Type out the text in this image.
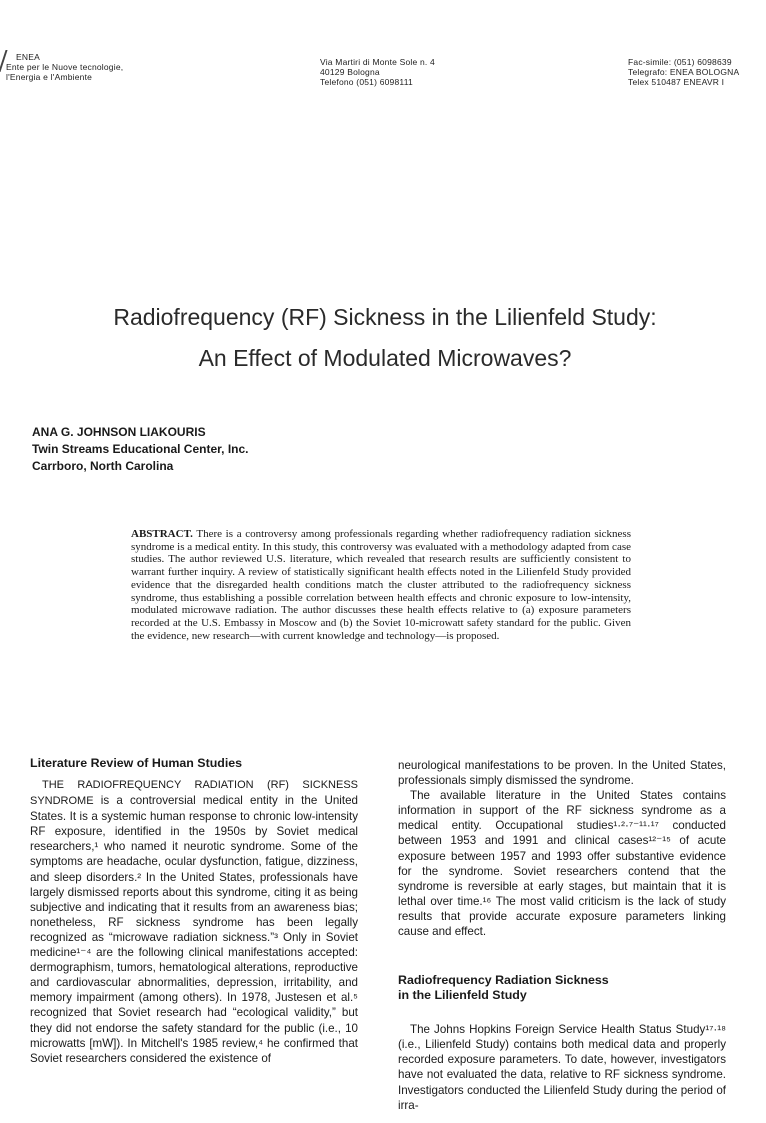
ENEA
Ente per le Nuove tecnologie,
l'Energia e l'Ambiente
Via Martiri di Monte Sole n. 4
40129 Bologna
Telefono (051) 6098111
Fac-simile: (051) 6098639
Telegrafo: ENEA BOLOGNA
Telex 510487 ENEAVR I
Radiofrequency (RF) Sickness in the Lilienfeld Study:
An Effect of Modulated Microwaves?
ANA G. JOHNSON LIAKOURIS
Twin Streams Educational Center, Inc.
Carrboro, North Carolina

ABSTRACT. There is a controversy among professionals regarding whether radiofrequency radiation sickness syndrome is a medical entity. In this study, this controversy was evaluated with a methodology adapted from case studies. The author reviewed U.S. literature, which revealed that research results are sufficiently consistent to warrant further inquiry. A review of statistically significant health effects noted in the Lilienfeld Study provided evidence that the disregarded health conditions match the cluster attributed to the radiofrequency sickness syndrome, thus establishing a possible correlation between health effects and chronic exposure to low-intensity, modulated microwave radiation. The author discusses these health effects relative to (a) exposure parameters recorded at the U.S. Embassy in Moscow and (b) the Soviet 10-microwatt safety standard for the public. Given the evidence, new research—with current knowledge and technology—is proposed.

Literature Review of Human Studies

THE RADIOFREQUENCY RADIATION (RF) SICKNESS SYNDROME is a controversial medical entity in the United States. It is a systemic human response to chronic low-intensity RF exposure, identified in the 1950s by Soviet medical researchers,¹ who named it neurotic syndrome. Some of the symptoms are headache, ocular dysfunction, fatigue, dizziness, and sleep disorders.² In the United States, professionals have largely dismissed reports about this syndrome, citing it as being subjective and indicating that it results from an awareness bias; nonetheless, RF sickness syndrome has been legally recognized as “microwave radiation sickness.”³ Only in Soviet medicine¹⁻⁴ are the following clinical manifestations accepted: dermographism, tumors, hematological alterations, reproductive and cardiovascular abnormalities, depression, irritability, and memory impairment (among others). In 1978, Justesen et al.⁵ recognized that Soviet research had “ecological validity,” but they did not endorse the safety standard for the public (i.e., 10 microwatts [mW]). In Mitchell's 1985 review,⁴ he confirmed that Soviet researchers considered the existence of

neurological manifestations to be proven. In the United States, professionals simply dismissed the syndrome.

The available literature in the United States contains information in support of the RF sickness syndrome as a medical entity. Occupational studies¹·²·⁷⁻¹¹·¹⁷ conducted between 1953 and 1991 and clinical cases¹²⁻¹⁵ of acute exposure between 1957 and 1993 offer substantive evidence for the syndrome. Soviet researchers contend that the syndrome is reversible at early stages, but maintain that it is lethal over time.¹⁶ The most valid criticism is the lack of study results that provide accurate exposure parameters linking cause and effect.

Radiofrequency Radiation Sickness
in the Lilienfeld Study

The Johns Hopkins Foreign Service Health Status Study¹⁷·¹⁸ (i.e., Lilienfeld Study) contains both medical data and properly recorded exposure parameters. To date, however, investigators have not evaluated the data, relative to RF sickness syndrome. Investigators conducted the Lilienfeld Study during the period of irra-
